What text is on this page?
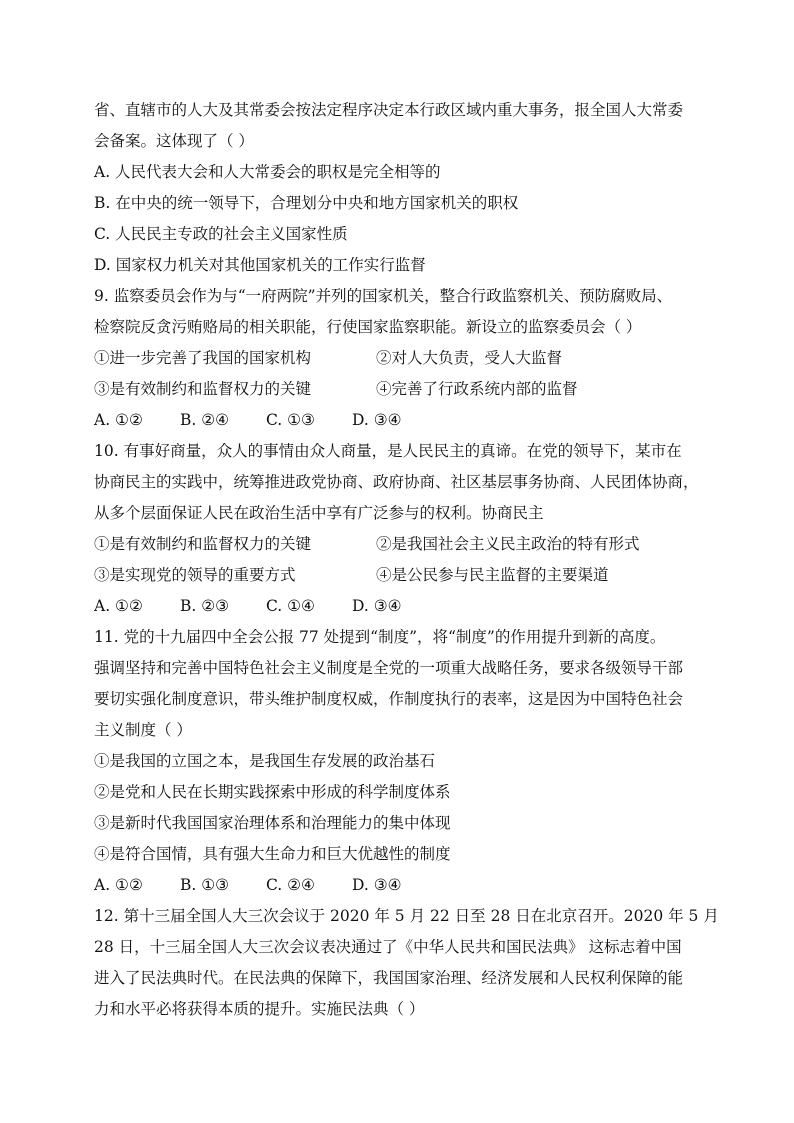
省、直辖市的人大及其常委会按法定程序决定本行政区域内重大事务，报全国人大常委
会备案。这体现了（ ）
A. 人民代表大会和人大常委会的职权是完全相等的
B. 在中央的统一领导下，合理划分中央和地方国家机关的职权
C. 人民民主专政的社会主义国家性质
D. 国家权力机关对其他国家机关的工作实行监督
9. 监察委员会作为与“一府两院”并列的国家机关，整合行政监察机关、预防腐败局、
检察院反贪污贿赂局的相关职能，行使国家监察职能。新设立的监察委员会（ ）
①进一步完善了我国的国家机构	②对人大负责，受人大监督
③是有效制约和监督权力的关键	④完善了行政系统内部的监督
A. ①②	B. ②④	C. ①③	D. ③④
10. 有事好商量，众人的事情由众人商量，是人民民主的真谛。在党的领导下，某市在
协商民主的实践中，统筹推进政党协商、政府协商、社区基层事务协商、人民团体协商，
从多个层面保证人民在政治生活中享有广泛参与的权利。协商民主
①是有效制约和监督权力的关键	②是我国社会主义民主政治的特有形式
③是实现党的领导的重要方式	④是公民参与民主监督的主要渠道
A. ①②	B. ②③	C. ①④	D. ③④
11. 党的十九届四中全会公报 77 处提到“制度”，将“制度”的作用提升到新的高度。
强调坚持和完善中国特色社会主义制度是全党的一项重大战略任务，要求各级领导干部
要切实强化制度意识，带头维护制度权威，作制度执行的表率，这是因为中国特色社会
主义制度（ ）
①是我国的立国之本，是我国生存发展的政治基石
②是党和人民在长期实践探索中形成的科学制度体系
③是新时代我国国家治理体系和治理能力的集中体现
④是符合国情，具有强大生命力和巨大优越性的制度
A. ①②	B. ①③	C. ②④	D. ③④
12. 第十三届全国人大三次会议于 2020 年 5 月 22 日至 28 日在北京召开。2020 年 5 月
28 日，十三届全国人大三次会议表决通过了《中华人民共和国民法典》 这标志着中国
进入了民法典时代。在民法典的保障下，我国国家治理、经济发展和人民权利保障的能
力和水平必将获得本质的提升。实施民法典（ ）
